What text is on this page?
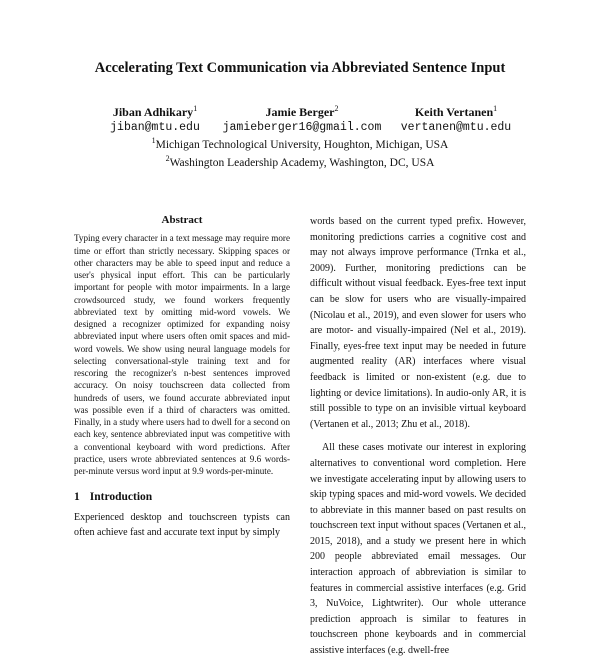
Accelerating Text Communication via Abbreviated Sentence Input
Jiban Adhikary$^1$
jiban@mtu.edu
Jamie Berger$^2$
jamieberger16@gmail.com
Keith Vertanen$^1$
vertanen@mtu.edu
$^1$Michigan Technological University, Houghton, Michigan, USA
$^2$Washington Leadership Academy, Washington, DC, USA
Abstract

Typing every character in a text message may require more time or effort than strictly necessary. Skipping spaces or other characters may be able to speed input and reduce a user's physical input effort. This can be particularly important for people with motor impairments. In a large crowdsourced study, we found workers frequently abbreviated text by omitting mid-word vowels. We designed a recognizer optimized for expanding noisy abbreviated input where users often omit spaces and mid-word vowels. We show using neural language models for selecting conversational-style training text and for rescoring the recognizer's n-best sentences improved accuracy. On noisy touchscreen data collected from hundreds of users, we found accurate abbreviated input was possible even if a third of characters was omitted. Finally, in a study where users had to dwell for a second on each key, sentence abbreviated input was competitive with a conventional keyboard with word predictions. After practice, users wrote abbreviated sentences at 9.6 words-per-minute versus word input at 9.9 words-per-minute.

1 Introduction

Experienced desktop and touchscreen typists can often achieve fast and accurate text input by simply

words based on the current typed prefix. However, monitoring predictions carries a cognitive cost and may not always improve performance (Trnka et al., 2009). Further, monitoring predictions can be difficult without visual feedback. Eyes-free text input can be slow for users who are visually-impaired (Nicolau et al., 2019), and even slower for users who are motor- and visually-impaired (Nel et al., 2019). Finally, eyes-free text input may be needed in future augmented reality (AR) interfaces where visual feedback is limited or non-existent (e.g. due to lighting or device limitations). In audio-only AR, it is still possible to type on an invisible virtual keyboard (Vertanen et al., 2013; Zhu et al., 2018).

All these cases motivate our interest in exploring alternatives to conventional word completion. Here we investigate accelerating input by allowing users to skip typing spaces and mid-word vowels. We decided to abbreviate in this manner based on past results on touchscreen text input without spaces (Vertanen et al., 2015, 2018), and a study we present here in which 200 people abbreviated email messages. Our interaction approach of abbreviation is similar to features in commercial assistive interfaces (e.g. Grid 3, NuVoice, Lightwriter). Our whole utterance prediction approach is similar to features in touchscreen phone keyboards and in commercial assistive interfaces (e.g. dwell-free
